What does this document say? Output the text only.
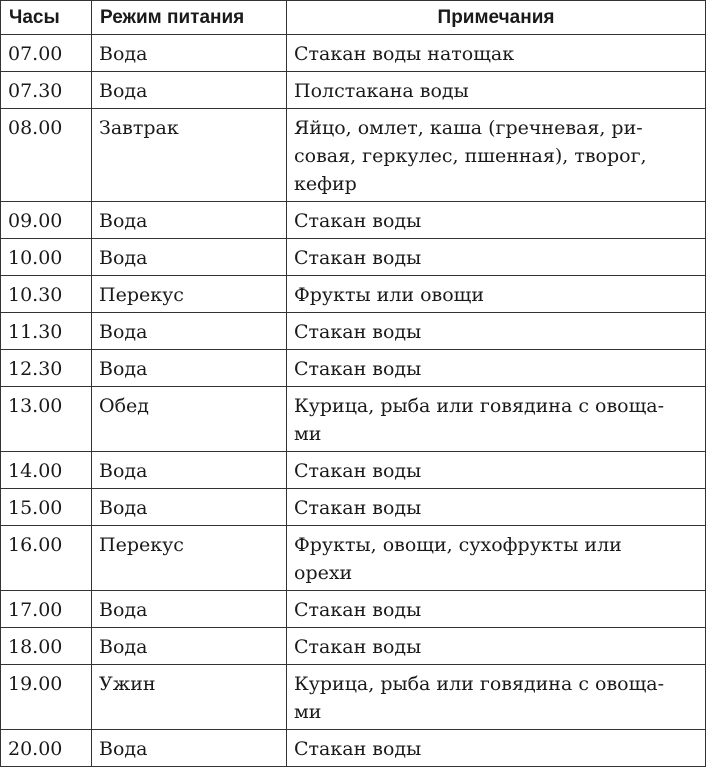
Часы	Режим питания	Примечания
07.00	Вода	Стакан воды натощак

07.30	Вода	Полстакана воды

08.00	Завтрак	Яйцо, омлет, каша (гречневая, ри-
совая, геркулес, пшенная), творог,
кефир

09.00	Вода	Стакан воды

10.00	Вода	Стакан воды

10.30	Перекус	Фрукты или овощи

11.30	Вода	Стакан воды

12.30	Вода	Стакан воды

13.00	Обед	Курица, рыба или говядина с овоща-
ми

14.00	Вода	Стакан воды

15.00	Вода	Стакан воды

16.00	Перекус	Фрукты, овощи, сухофрукты или
орехи

17.00	Вода	Стакан воды

18.00	Вода	Стакан воды

19.00	Ужин	Курица, рыба или говядина с овоща-
ми

20.00	Вода	Стакан воды
